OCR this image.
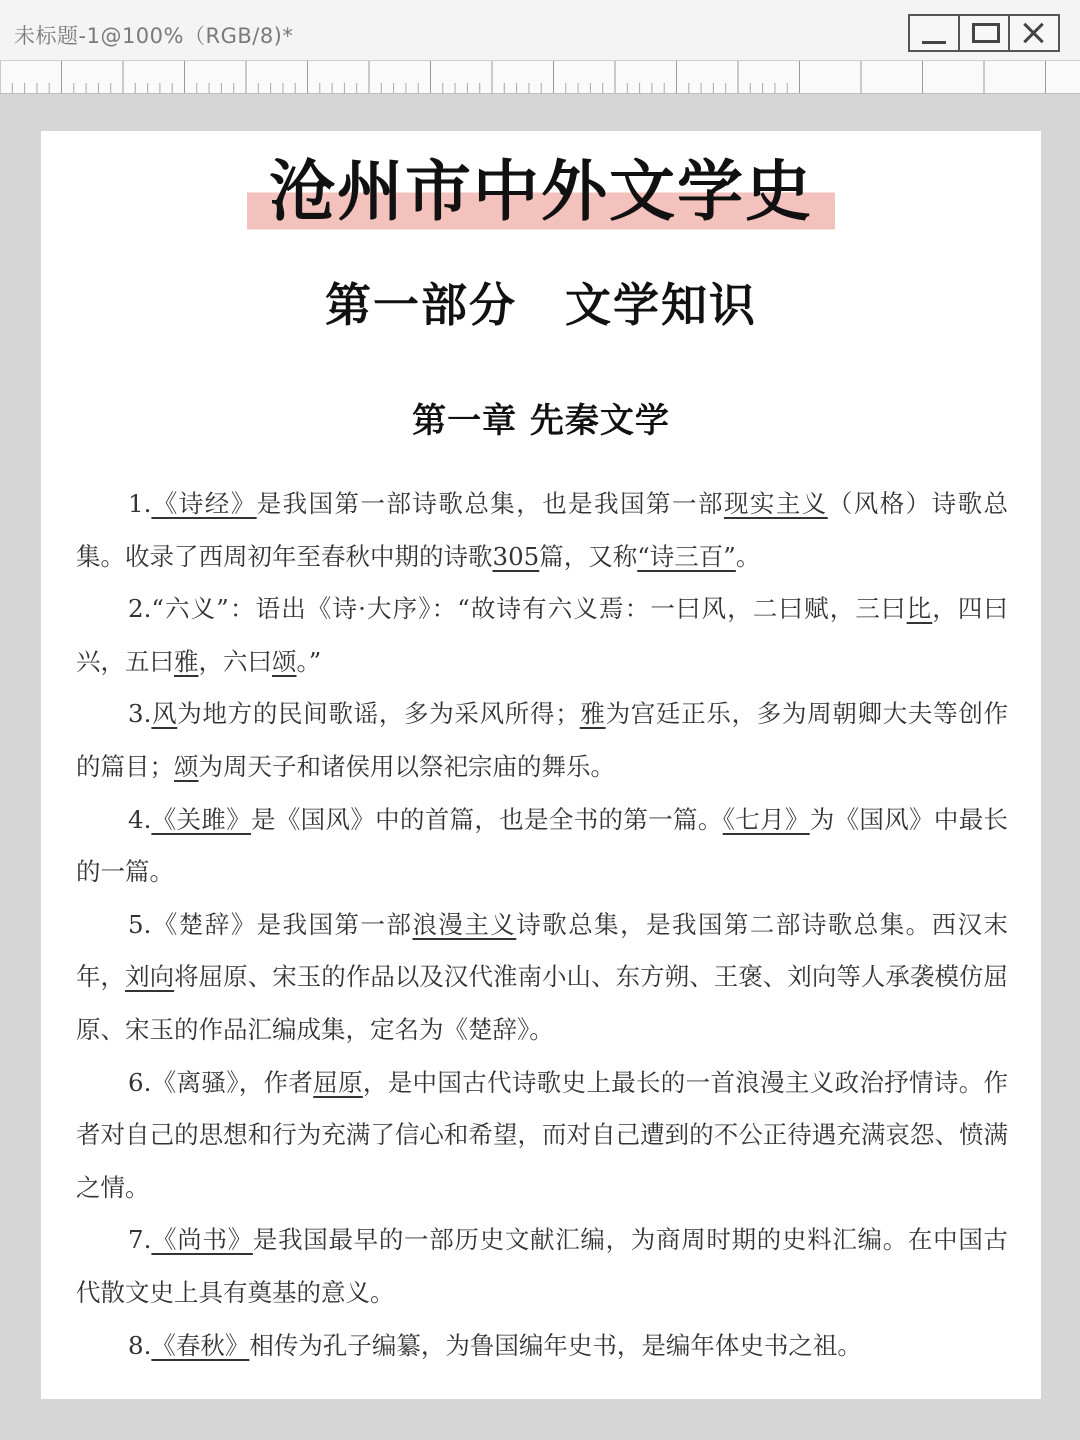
未标题-1@100%（RGB/8)*
沧州市中外文学史
第一部分 文学知识
第一章 先秦文学

1.《诗经》是我国第一部诗歌总集，也是我国第一部现实主义（风格）诗歌总集。收录了西周初年至春秋中期的诗歌305篇，又称“诗三百”。

2.“六义”：语出《诗·大序》：“故诗有六义焉：一曰风，二曰赋，三曰比，四曰兴，五曰雅，六曰颂。”

3.风为地方的民间歌谣，多为采风所得；雅为宫廷正乐，多为周朝卿大夫等创作的篇目；颂为周天子和诸侯用以祭祀宗庙的舞乐。

4.《关雎》是《国风》中的首篇，也是全书的第一篇。《七月》为《国风》中最长的一篇。

5.《楚辞》是我国第一部浪漫主义诗歌总集，是我国第二部诗歌总集。西汉末年，刘向将屈原、宋玉的作品以及汉代淮南小山、东方朔、王褒、刘向等人承袭模仿屈原、宋玉的作品汇编成集，定名为《楚辞》。

6.《离骚》，作者屈原，是中国古代诗歌史上最长的一首浪漫主义政治抒情诗。作者对自己的思想和行为充满了信心和希望，而对自己遭到的不公正待遇充满哀怨、愤满之情。

7.《尚书》是我国最早的一部历史文献汇编，为商周时期的史料汇编。在中国古代散文史上具有奠基的意义。

8.《春秋》相传为孔子编纂，为鲁国编年史书，是编年体史书之祖。
